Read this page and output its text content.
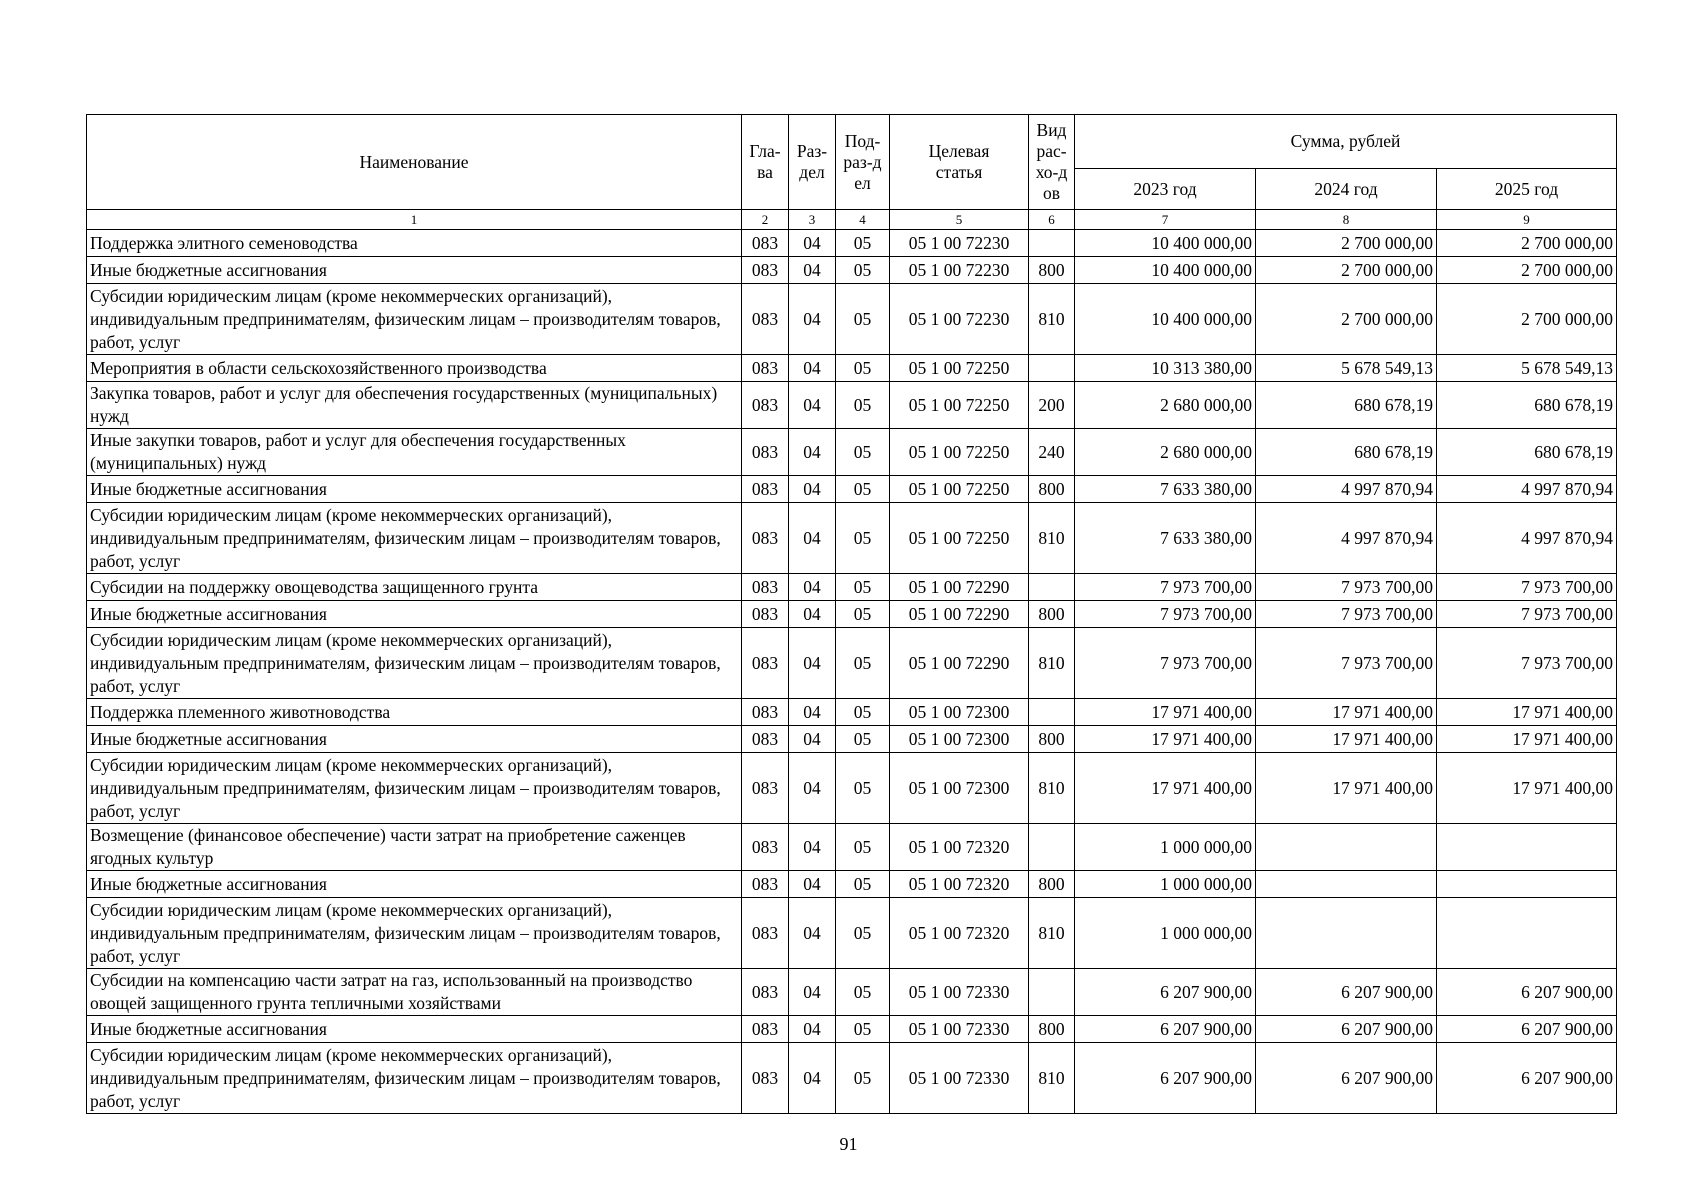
Наименование	Гла-ва	Раз-дел	Под-раз-дел	Целевая статья	Вид рас-хо-дов	Сумма, рублей		
						2023 год	2024 год	2025 год
1	2	3	4	5	6	7	8	9
Поддержка элитного семеноводства	083	04	05	05 1 00 72230		10 400 000,00	2 700 000,00	2 700 000,00
Иные бюджетные ассигнования	083	04	05	05 1 00 72230	800	10 400 000,00	2 700 000,00	2 700 000,00
Субсидии юридическим лицам (кроме некоммерческих организаций), индивидуальным предпринимателям, физическим лицам – производителям товаров, работ, услуг	083	04	05	05 1 00 72230	810	10 400 000,00	2 700 000,00	2 700 000,00
Мероприятия в области сельскохозяйственного производства	083	04	05	05 1 00 72250		10 313 380,00	5 678 549,13	5 678 549,13
Закупка товаров, работ и услуг для обеспечения государственных (муниципальных) нужд	083	04	05	05 1 00 72250	200	2 680 000,00	680 678,19	680 678,19
Иные закупки товаров, работ и услуг для обеспечения государственных (муниципальных) нужд	083	04	05	05 1 00 72250	240	2 680 000,00	680 678,19	680 678,19
Иные бюджетные ассигнования	083	04	05	05 1 00 72250	800	7 633 380,00	4 997 870,94	4 997 870,94
Субсидии юридическим лицам (кроме некоммерческих организаций), индивидуальным предпринимателям, физическим лицам – производителям товаров, работ, услуг	083	04	05	05 1 00 72250	810	7 633 380,00	4 997 870,94	4 997 870,94
Субсидии на поддержку овощеводства защищенного грунта	083	04	05	05 1 00 72290		7 973 700,00	7 973 700,00	7 973 700,00
Иные бюджетные ассигнования	083	04	05	05 1 00 72290	800	7 973 700,00	7 973 700,00	7 973 700,00
Субсидии юридическим лицам (кроме некоммерческих организаций), индивидуальным предпринимателям, физическим лицам – производителям товаров, работ, услуг	083	04	05	05 1 00 72290	810	7 973 700,00	7 973 700,00	7 973 700,00
Поддержка племенного животноводства	083	04	05	05 1 00 72300		17 971 400,00	17 971 400,00	17 971 400,00
Иные бюджетные ассигнования	083	04	05	05 1 00 72300	800	17 971 400,00	17 971 400,00	17 971 400,00
Субсидии юридическим лицам (кроме некоммерческих организаций), индивидуальным предпринимателям, физическим лицам – производителям товаров, работ, услуг	083	04	05	05 1 00 72300	810	17 971 400,00	17 971 400,00	17 971 400,00
Возмещение (финансовое обеспечение) части затрат на приобретение саженцев ягодных культур	083	04	05	05 1 00 72320		1 000 000,00		
Иные бюджетные ассигнования	083	04	05	05 1 00 72320	800	1 000 000,00		
Субсидии юридическим лицам (кроме некоммерческих организаций), индивидуальным предпринимателям, физическим лицам – производителям товаров, работ, услуг	083	04	05	05 1 00 72320	810	1 000 000,00		
Субсидии на компенсацию части затрат на газ, использованный на производство овощей защищенного грунта тепличными хозяйствами	083	04	05	05 1 00 72330		6 207 900,00	6 207 900,00	6 207 900,00
Иные бюджетные ассигнования	083	04	05	05 1 00 72330	800	6 207 900,00	6 207 900,00	6 207 900,00
Субсидии юридическим лицам (кроме некоммерческих организаций), индивидуальным предпринимателям, физическим лицам – производителям товаров, работ, услуг	083	04	05	05 1 00 72330	810	6 207 900,00	6 207 900,00	6 207 900,00
91
